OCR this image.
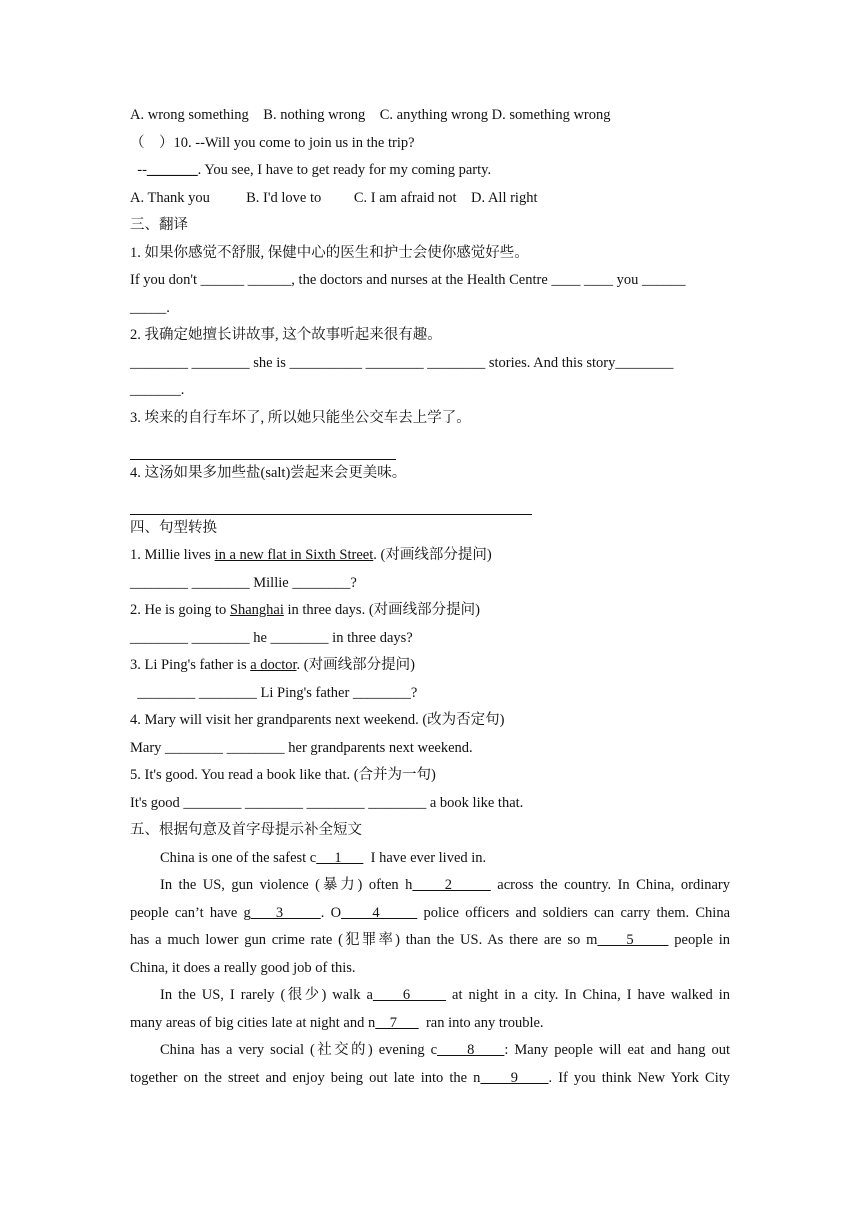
A. wrong something    B. nothing wrong    C. anything wrong D. something wrong
（    ）10. --Will you come to join us in the trip?
--_______. You see, I have to get ready for my coming party.
A. Thank you          B. I'd love to         C. I am afraid not    D. All right
三、翻译
1. 如果你感觉不舒服, 保健中心的医生和护士会使你感觉好些。
If you don't ______ ______, the doctors and nurses at the Health Centre ____ ____ you ______
_____.
2. 我确定她擅长讲故事, 这个故事听起来很有趣。
________ ________ she is __________ ________ ________ stories. And this story________
_______.
3. 埃来的自行车坏了, 所以她只能坐公交车去上学了。
4. 这汤如果多加些盐(salt)尝起来会更美味。
四、句型转换
1. Millie lives in a new flat in Sixth Street. (对画线部分提问)
________ ________ Millie ________?
2. He is going to Shanghai in three days. (对画线部分提问)
________ ________ he ________ in three days?
3. Li Ping's father is a doctor. (对画线部分提问)
________ ________ Li Ping's father ________?
4. Mary will visit her grandparents next weekend. (改为否定句)
Mary ________ ________ her grandparents next weekend.
5. It's good. You read a book like that. (合并为一句)
It's good ________ ________ ________ ________ a book like that.
五、根据句意及首字母提示补全短文
China is one of the safest c     1        I have ever lived in.
In the US, gun violence (暴力) often h     2       across the country. In China, ordinary
people can’t have g    3      . O     4       police officers and soldiers can carry them. China
has a much lower gun crime rate (犯罪率) than the US. As there are so m     5       people in
China, it does a really good job of this.
In the US, I rarely (很少) walk a     6       at night in a city. In China, I have walked in
many areas of big cities late at night and n    7        ran into any trouble.
China has a very social (社交的) evening c     8     : Many people will eat and hang out
together on the street and enjoy being out late into the n     9     . If you think New York City
